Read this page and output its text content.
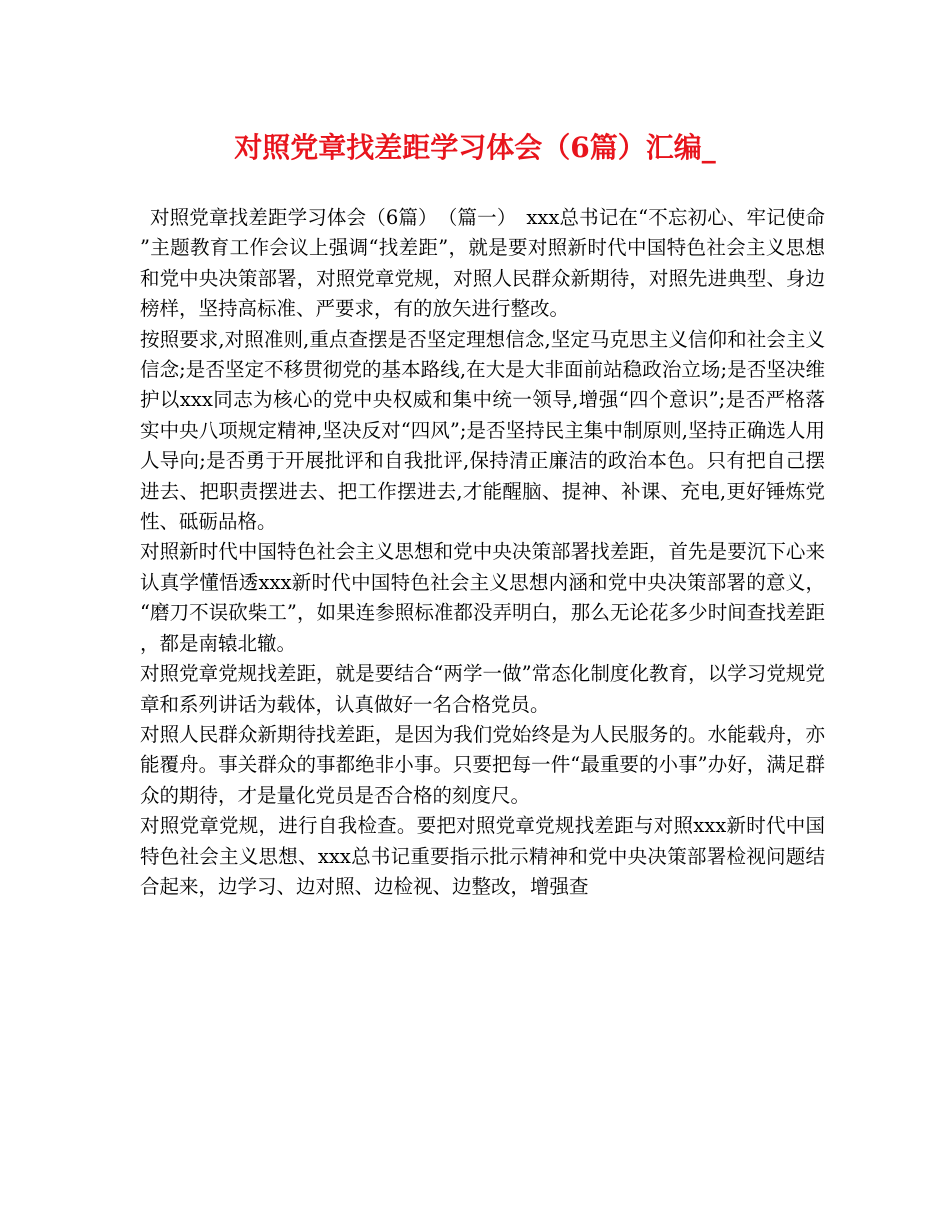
对照党章找差距学习体会（6篇）汇编_

对照党章找差距学习体会（6篇）　（篇一）　xxx总书记在“不忘初心、牢记使命”主题教育工作会议上强调“找差距”，就是要对照新时代中国特色社会主义思想和党中央决策部署，对照党章党规，对照人民群众新期待，对照先进典型、身边榜样，坚持高标准、严要求，有的放矢进行整改。

按照要求,对照准则,重点查摆是否坚定理想信念,坚定马克思主义信仰和社会主义信念;是否坚定不移贯彻党的基本路线,在大是大非面前站稳政治立场;是否坚决维护以xxx同志为核心的党中央权威和集中统一领导,增强“四个意识”;是否严格落实中央八项规定精神,坚决反对“四风”;是否坚持民主集中制原则,坚持正确选人用人导向;是否勇于开展批评和自我批评,保持清正廉洁的政治本色。只有把自己摆进去、把职责摆进去、把工作摆进去,才能醒脑、提神、补课、充电,更好锤炼党性、砥砺品格。

对照新时代中国特色社会主义思想和党中央决策部署找差距，首先是要沉下心来认真学懂悟透xxx新时代中国特色社会主义思想内涵和党中央决策部署的意义，“磨刀不误砍柴工”，如果连参照标准都没弄明白，那么无论花多少时间查找差距，都是南辕北辙。

对照党章党规找差距，就是要结合“两学一做”常态化制度化教育，以学习党规党章和系列讲话为载体，认真做好一名合格党员。

对照人民群众新期待找差距，是因为我们党始终是为人民服务的。水能载舟，亦能覆舟。事关群众的事都绝非小事。只要把每一件“最重要的小事”办好，满足群众的期待，才是量化党员是否合格的刻度尺。

对照党章党规，进行自我检查。要把对照党章党规找差距与对照xxx新时代中国特色社会主义思想、xxx总书记重要指示批示精神和党中央决策部署检视问题结合起来，边学习、边对照、边检视、边整改，增强查
